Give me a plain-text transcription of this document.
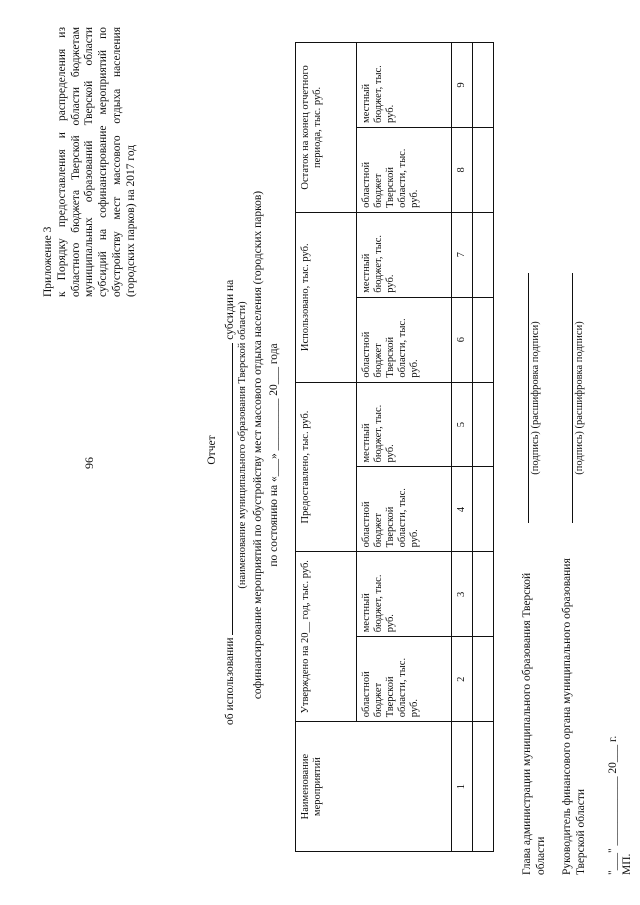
96
Приложение 3 к Порядку предоставления и распределения из областного бюджета Тверской области бюджетам муниципальных образований Тверской области субсидий на софинансирование мероприятий по обустройству мест массового отдыха населения (городских парков) на 2017 год
Отчет
об использовании  субсидии на (наименование муниципального образования Тверской области) софинансирование мероприятий по обустройству мест массового отдыха населения (городских парков) по состоянию на «___» _________ 20___ года
Наименование мероприятий	Утверждено на 20__ год, тыс. руб.		Предоставлено, тыс. руб.		Использовано, тыс. руб.		Остаток на конец отчетного периода, тыс. руб.	
	областной бюджет Тверской области, тыс. руб.	местный бюджет, тыс. руб.	областной бюджет Тверской области, тыс. руб.	местный бюджет, тыс. руб.	областной бюджет Тверской области, тыс. руб.	местный бюджет, тыс. руб.	областной бюджет Тверской области, тыс. руб.	местный бюджет, тыс. руб.
1	2	3	4	5	6	7	8	9

Глава администрации муниципального образования Тверской области
(подпись) (расшифровка подписи)
Руководитель финансового органа муниципального образования Тверской области
(подпись) (расшифровка подписи)
"___" ____________ 20___ г. МП.
